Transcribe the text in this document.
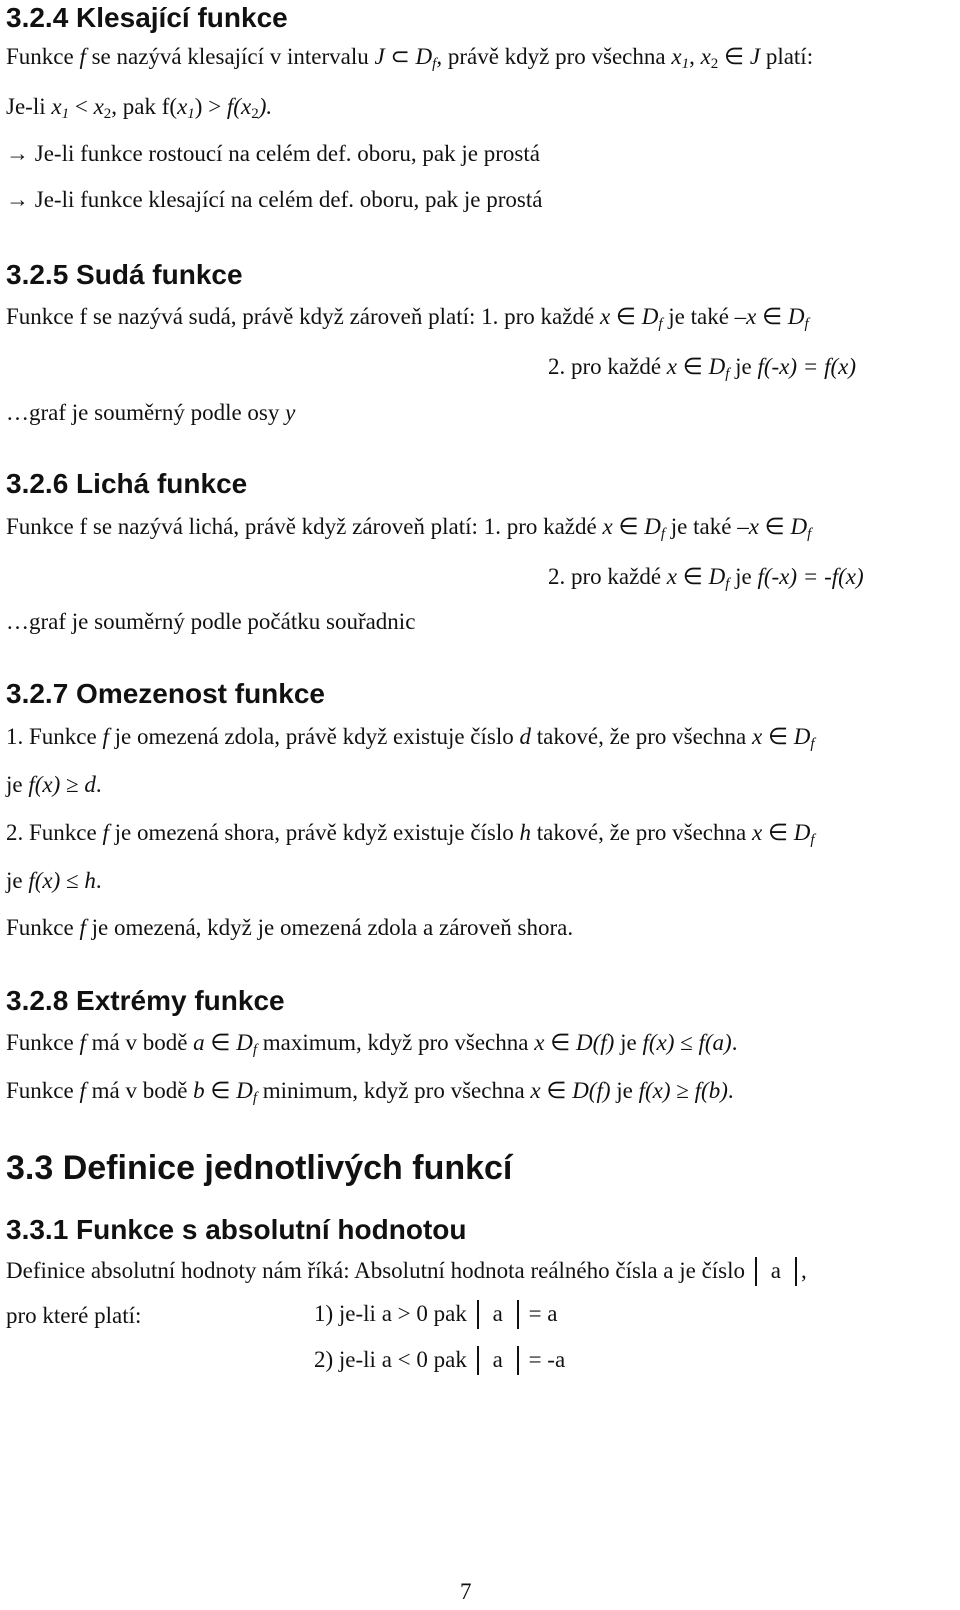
3.2.4 Klesající funkce
Funkce f se nazývá klesající v intervalu J ⊂ $D_f$, právě když pro všechna $x_1$, $x_2$ ∈ J platí:
Je-li $x_1 < x_2$, pak $f(x_1) > f(x_2)$.
→ Je-li funkce rostoucí na celém def. oboru, pak je prostá
→ Je-li funkce klesající na celém def. oboru, pak je prostá
3.2.5 Sudá funkce
Funkce f se nazývá sudá, právě když zároveň platí: 1. pro každé x ∈ $D_f$ je také –x ∈ $D_f$
2. pro každé x ∈ $D_f$ je f(-x) = f(x)
…graf je souměrný podle osy y
3.2.6 Lichá funkce
Funkce f se nazývá lichá, právě když zároveň platí: 1. pro každé x ∈ $D_f$ je také –x ∈ $D_f$
2. pro každé x ∈ $D_f$ je f(-x) = -f(x)
…graf je souměrný podle počátku souřadnic
3.2.7 Omezenost funkce
1. Funkce f je omezená zdola, právě když existuje číslo d takové, že pro všechna x ∈ $D_f$
je f(x) ≥ d.
2. Funkce f je omezená shora, právě když existuje číslo h takové, že pro všechna x ∈ $D_f$
je f(x) ≤ h.
Funkce f je omezená, když je omezená zdola a zároveň shora.
3.2.8 Extrémy funkce
Funkce f má v bodě a ∈ $D_f$ maximum, když pro všechna x ∈ D(f) je f(x) ≤ f(a).
Funkce f má v bodě b ∈ $D_f$ minimum, když pro všechna x ∈ D(f) je f(x) ≥ f(b).
3.3 Definice jednotlivých funkcí
3.3.1 Funkce s absolutní hodnotou
Definice absolutní hodnoty nám říká: Absolutní hodnota reálného čísla a je číslo a ,
pro které platí:	1) je-li a > 0 pak a = a
2) je-li a < 0 pak a = -a
7
